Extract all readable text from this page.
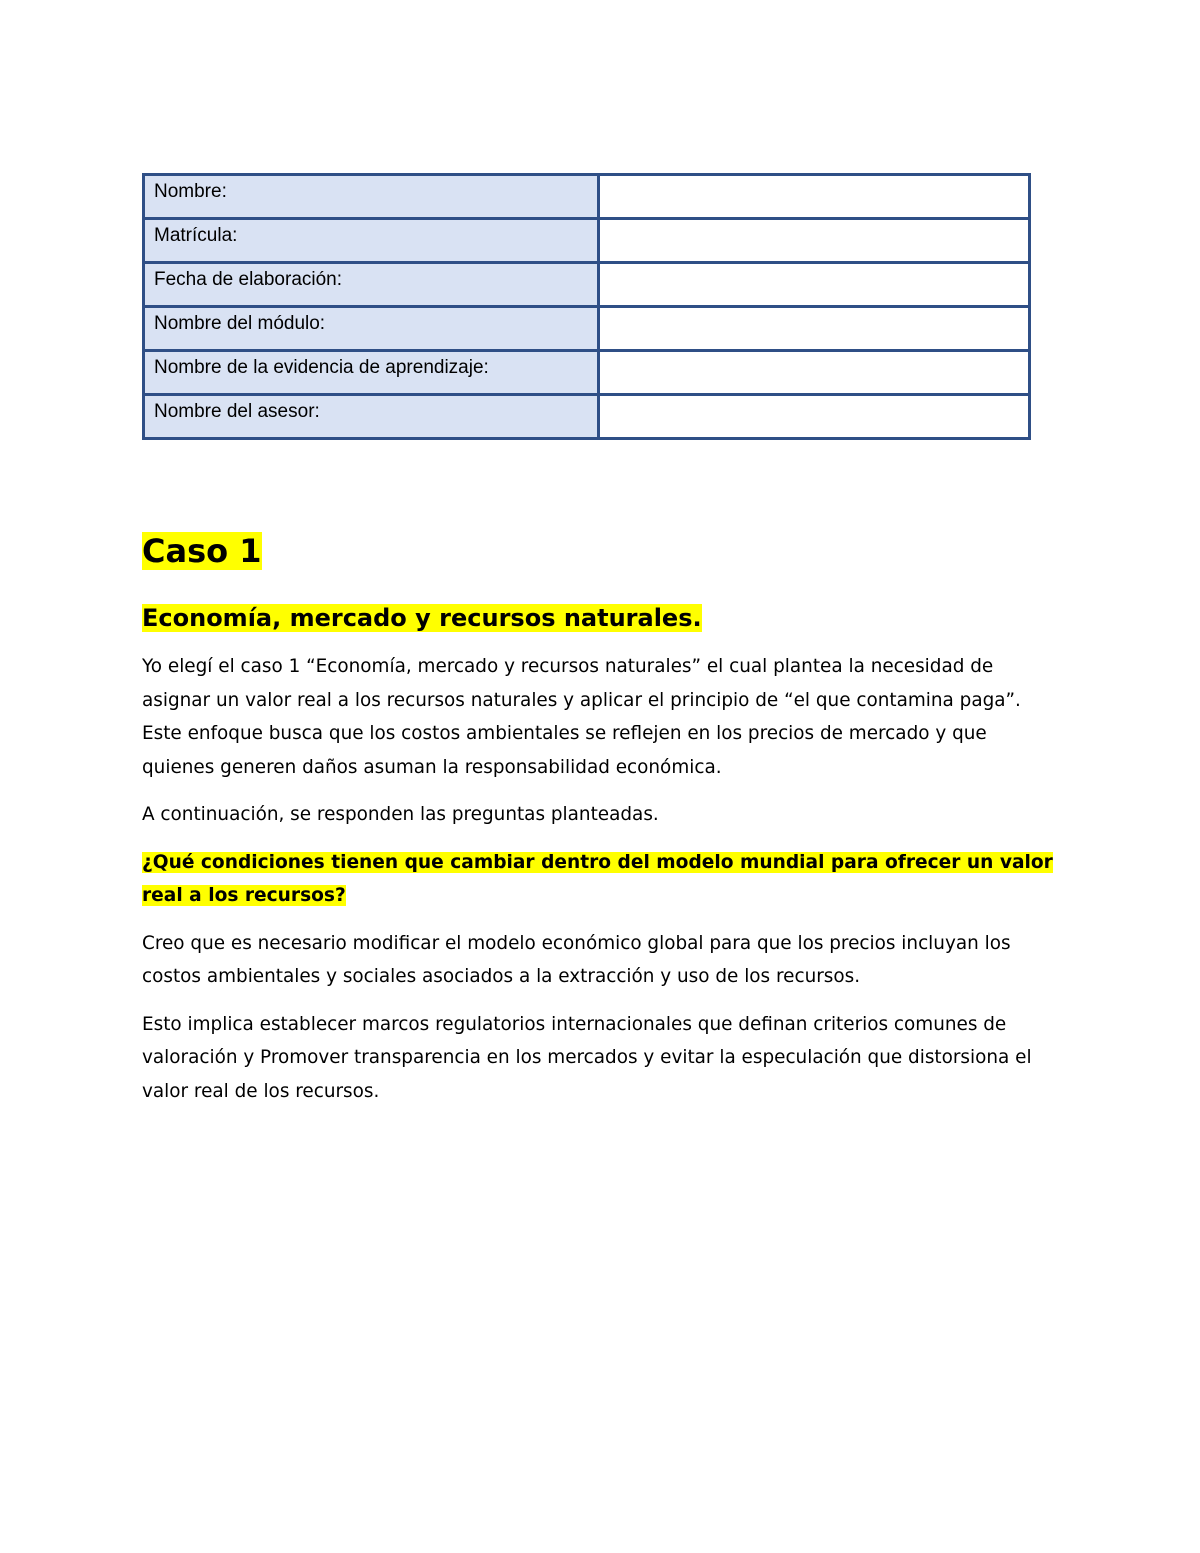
Nombre:	
Matrícula:	
Fecha de elaboración:	
Nombre del módulo:	
Nombre de la evidencia de aprendizaje:	
Nombre del asesor:	
Caso 1
Economía, mercado y recursos naturales.

Yo elegí el caso 1 “Economía, mercado y recursos naturales” el cual plantea la necesidad de asignar un valor real a los recursos naturales y aplicar el principio de “el que contamina paga”. Este enfoque busca que los costos ambientales se reflejen en los precios de mercado y que quienes generen daños asuman la responsabilidad económica.

A continuación, se responden las preguntas planteadas.

¿Qué condiciones tienen que cambiar dentro del modelo mundial para ofrecer un valor real a los recursos?

Creo que es necesario modificar el modelo económico global para que los precios incluyan los costos ambientales y sociales asociados a la extracción y uso de los recursos.

Esto implica establecer marcos regulatorios internacionales que definan criterios comunes de valoración y Promover transparencia en los mercados y evitar la especulación que distorsiona el valor real de los recursos.
